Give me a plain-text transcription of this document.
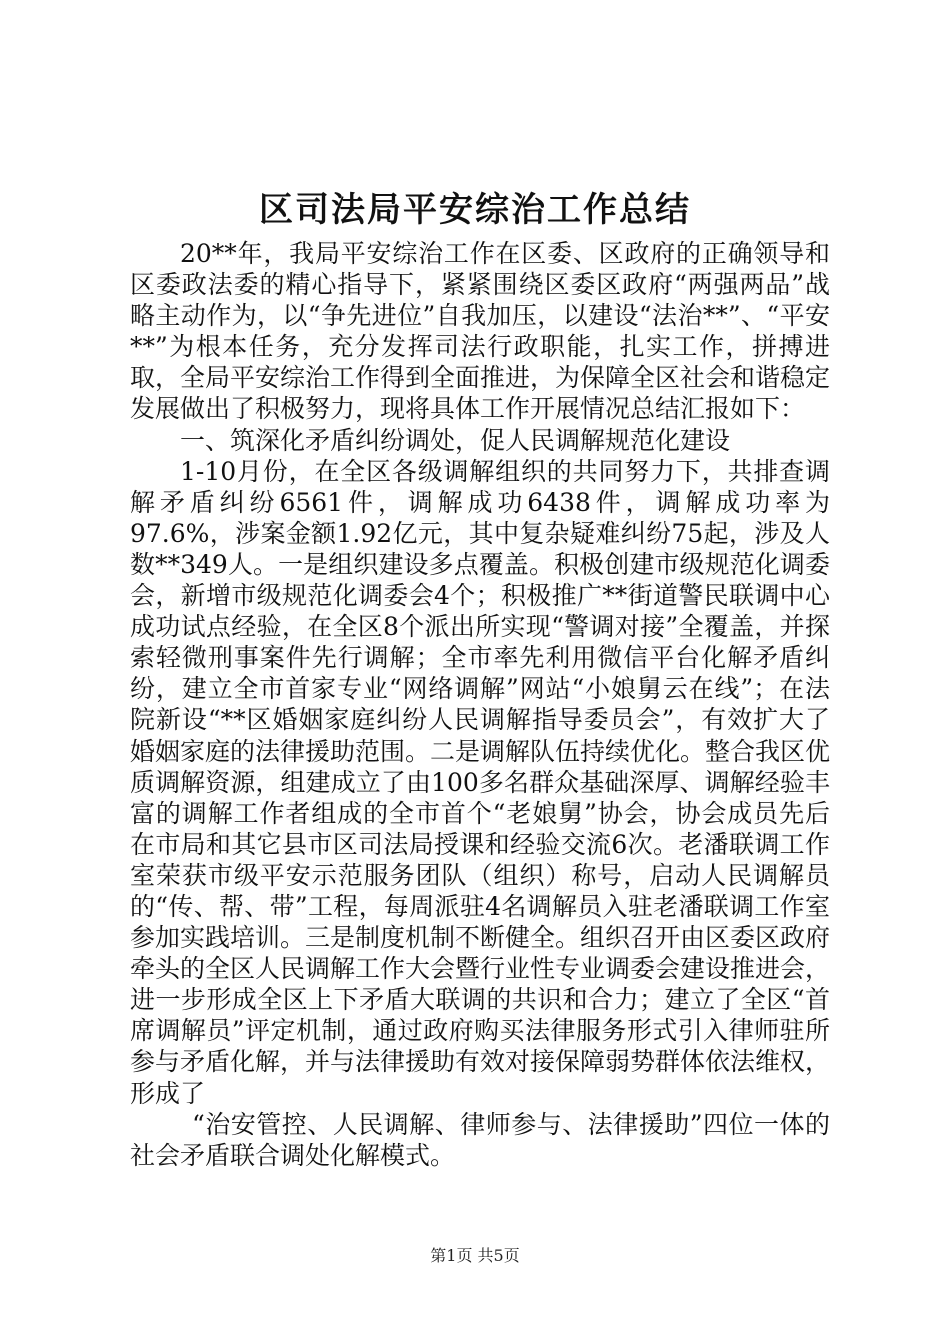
区司法局平安综治工作总结

20**年，我局平安综治工作在区委、区政府的正确领导和区委政法委的精心指导下，紧紧围绕区委区政府“两强两品”战略主动作为，以“争先进位”自我加压，以建设“法治**”、“平安**”为根本任务，充分发挥司法行政职能，扎实工作，拼搏进取，全局平安综治工作得到全面推进，为保障全区社会和谐稳定发展做出了积极努力，现将具体工作开展情况总结汇报如下：

一、筑深化矛盾纠纷调处，促人民调解规范化建设

1-10月份，在全区各级调解组织的共同努力下，共排查调解矛盾纠纷6561件，调解成功6438件，调解成功率为97.6%，涉案金额1.92亿元，其中复杂疑难纠纷75起，涉及人数**349人。一是组织建设多点覆盖。积极创建市级规范化调委会，新增市级规范化调委会4个；积极推广**街道警民联调中心成功试点经验，在全区8个派出所实现“警调对接”全覆盖，并探索轻微刑事案件先行调解；全市率先利用微信平台化解矛盾纠纷，建立全市首家专业“网络调解”网站“小娘舅云在线”；在法院新设“**区婚姻家庭纠纷人民调解指导委员会”，有效扩大了婚姻家庭的法律援助范围。二是调解队伍持续优化。整合我区优质调解资源，组建成立了由100多名群众基础深厚、调解经验丰富的调解工作者组成的全市首个“老娘舅”协会，协会成员先后在市局和其它县市区司法局授课和经验交流6次。老潘联调工作室荣获市级平安示范服务团队（组织）称号，启动人民调解员的“传、帮、带”工程，每周派驻4名调解员入驻老潘联调工作室参加实践培训。三是制度机制不断健全。组织召开由区委区政府牵头的全区人民调解工作大会暨行业性专业调委会建设推进会，进一步形成全区上下矛盾大联调的共识和合力；建立了全区“首席调解员”评定机制，通过政府购买法律服务形式引入律师驻所参与矛盾化解，并与法律援助有效对接保障弱势群体依法维权，形成了

“治安管控、人民调解、律师参与、法律援助”四位一体的社会矛盾联合调处化解模式。

第1页 共5页
